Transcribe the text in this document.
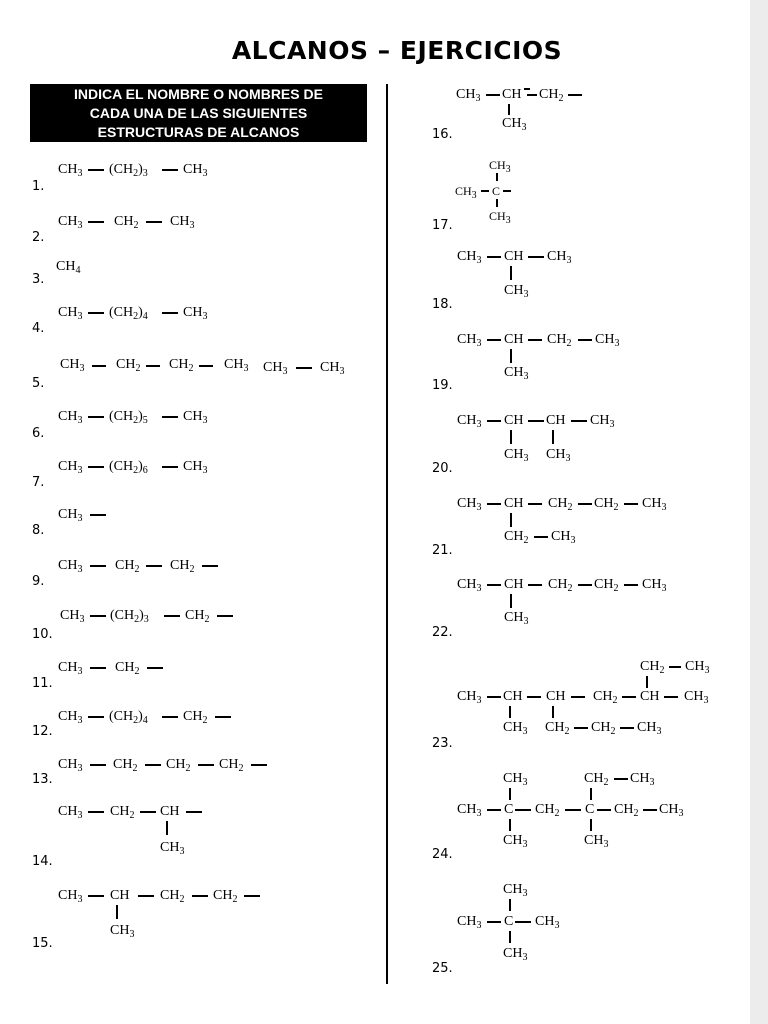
ALCANOS – EJERCICIOS
INDICA EL NOMBRE O NOMBRES DE
CADA UNA DE LAS SIGUIENTES
ESTRUCTURAS DE ALCANOS
1.
2.
3.
4.
5.
6.
7.
8.
9.
10.
11.
12.
13.
14.
15.
16.
17.
18.
19.
20.
21.
22.
23.
24.
25.
$CH_3$ $(CH_2)_3$	$CH_3$
$CH_3$ $CH_2$ $CH_3$
$CH_4$
$CH_3$ $(CH_2)_4$	$CH_3$
$CH_3$ $CH_2$ $CH_2$ $CH_3$ $CH_3$ $CH_3$
$CH_3$ $(CH_2)_5$	$CH_3$
$CH_3$ $(CH_2)_6$	$CH_3$
$CH_3$
$CH_3$ $CH_2$ $CH_2$
$CH_3$ $(CH_2)_3$	$CH_2$
$CH_3$ $CH_2$
$CH_3$ $(CH_2)_4$	$CH_2$
$CH_3$ $CH_2$ $CH_2$ $CH_2$
$CH_3$ $CH_2$ CH
$CH_3$
$CH_3$ CH $CH_2$ $CH_2$
$CH_3$
$CH_3$ CH $CH_2$
$CH_3$
$CH_3$
$CH_3$ C
$CH_3$
$CH_3$ CH $CH_3$
$CH_3$
$CH_3$ CH $CH_2$ $CH_3$
$CH_3$
$CH_3$ CH CH $CH_3$
$CH_3$ $CH_3$
$CH_3$ CH $CH_2$ $CH_2$ $CH_3$
$CH_2$ $CH_3$
$CH_3$ CH $CH_2$ $CH_2$ $CH_3$
$CH_3$
$CH_2$ $CH_3$
$CH_3$ CH CH $CH_2$ CH $CH_3$
$CH_3$ $CH_2$ $CH_2$ $CH_3$
$CH_3$	$CH_2$ $CH_3$
$CH_3$ C $CH_2$ C $CH_2$ $CH_3$
$CH_3$	$CH_3$
$CH_3$
$CH_3$ C $CH_3$
$CH_3$
